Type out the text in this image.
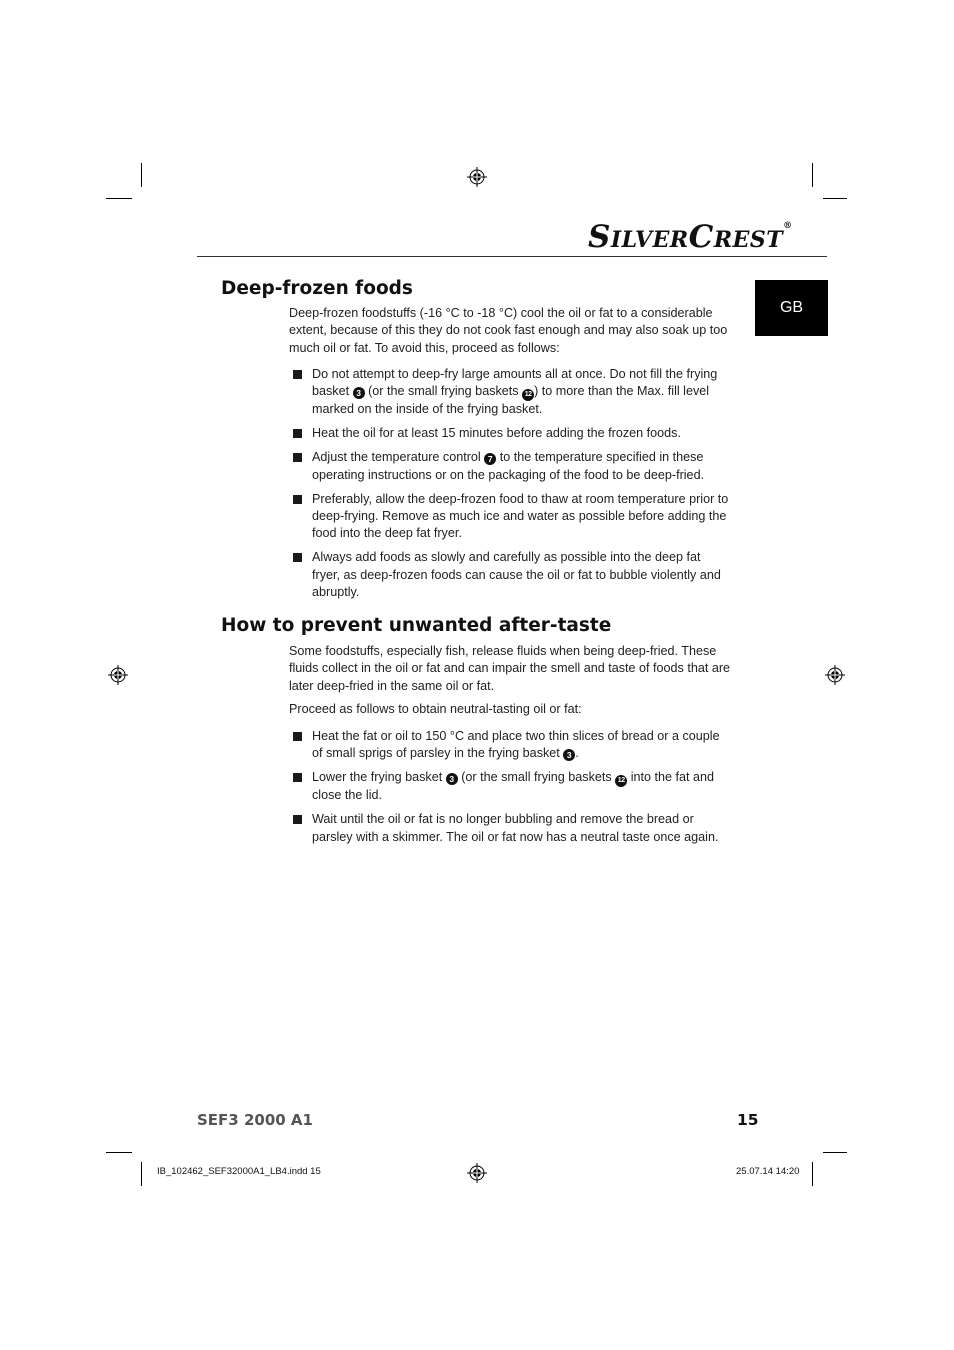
SILVERCREST®
GB
Deep-frozen foods

Deep-frozen foodstuffs (-16 °C to -18 °C) cool the oil or fat to a considerable extent, because of this they do not cook fast enough and may also soak up too much oil or fat. To avoid this, proceed as follows:

Do not attempt to deep-fry large amounts all at once. Do not fill the frying basket 3 (or the small frying baskets 12 ) to more than the Max. fill level marked on the inside of the frying basket.
Heat the oil for at least 15 minutes before adding the frozen foods.
Adjust the temperature control 7 to the temperature specified in these operating instructions or on the packaging of the food to be deep-fried.
Preferably, allow the deep-frozen food to thaw at room temperature prior to deep-frying. Remove as much ice and water as possible before adding the food into the deep fat fryer.
Always add foods as slowly and carefully as possible into the deep fat fryer, as deep-frozen foods can cause the oil or fat to bubble violently and abruptly.
How to prevent unwanted after-taste

Some foodstuffs, especially fish, release fluids when being deep-fried. These fluids collect in the oil or fat and can impair the smell and taste of foods that are later deep-fried in the same oil or fat.

Proceed as follows to obtain neutral-tasting oil or fat:

Heat the fat or oil to 150 °C and place two thin slices of bread or a couple of small sprigs of parsley in the frying basket 3 .
Lower the frying basket 3 (or the small frying baskets 12 into the fat and close the lid.
Wait until the oil or fat is no longer bubbling and remove the bread or parsley with a skimmer. The oil or fat now has a neutral taste once again.
SEF3 2000 A1	15
IB_102462_SEF32000A1_LB4.indd 15	25.07.14 14:20
